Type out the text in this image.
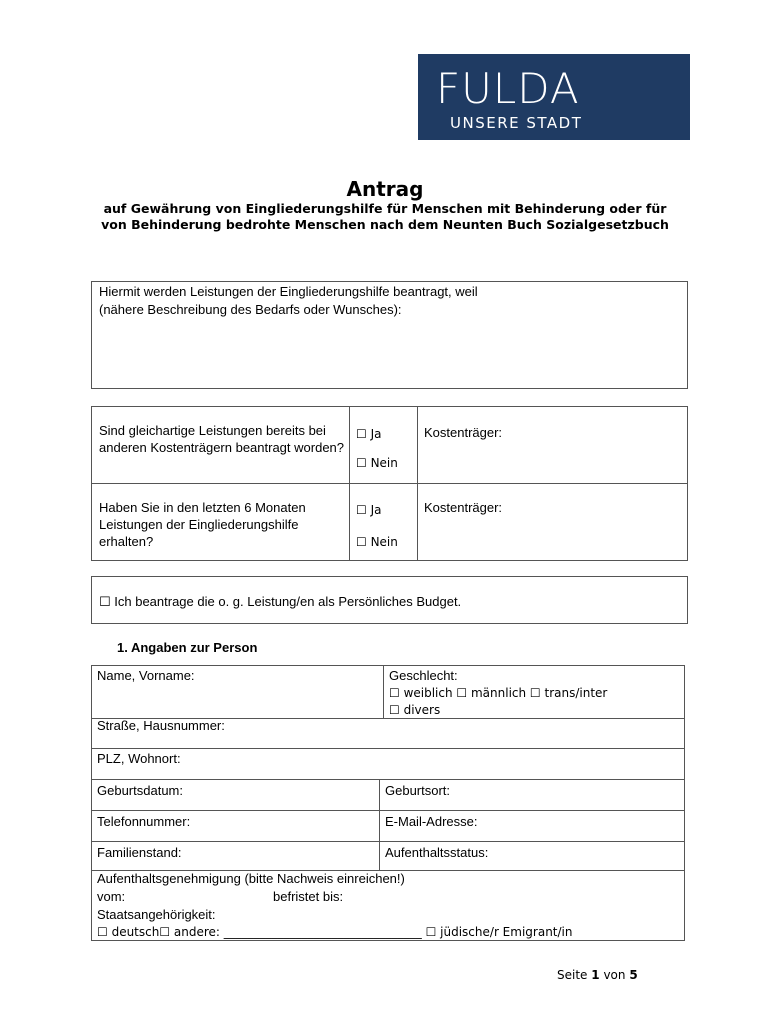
FULDA
UNSERE STADT
Antrag
auf Gewährung von Eingliederungshilfe für Menschen mit Behinderung oder für von Behinderung bedrohte Menschen nach dem Neunten Buch Sozialgesetzbuch
Hiermit werden Leistungen der Eingliederungshilfe beantragt, weil
(nähere Beschreibung des Bedarfs oder Wunsches):
Sind gleichartige Leistungen bereits bei anderen Kostenträgern beantragt worden?
☐ Ja
☐ Nein
Kostenträger:
Haben Sie in den letzten 6 Monaten Leistungen der Eingliederungshilfe erhalten?
☐ Ja
☐ Nein
Kostenträger:
☐ Ich beantrage die o. g. Leistung/en als Persönliches Budget.
1. Angaben zur Person
Name, Vorname:	Geschlecht:
☐ weiblich ☐ männlich ☐ trans/inter
☐ divers
Straße, Hausnummer:
PLZ, Wohnort:
Geburtsdatum:	Geburtsort:
Telefonnummer:	E-Mail-Adresse:
Familienstand:	Aufenthaltsstatus:
Aufenthaltsgenehmigung (bitte Nachweis einreichen!)
vom:	befristet bis:
Staatsangehörigkeit:
☐ deutsch☐ andere: _________________________________ ☐ jüdische/r Emigrant/in
Seite 1 von 5
